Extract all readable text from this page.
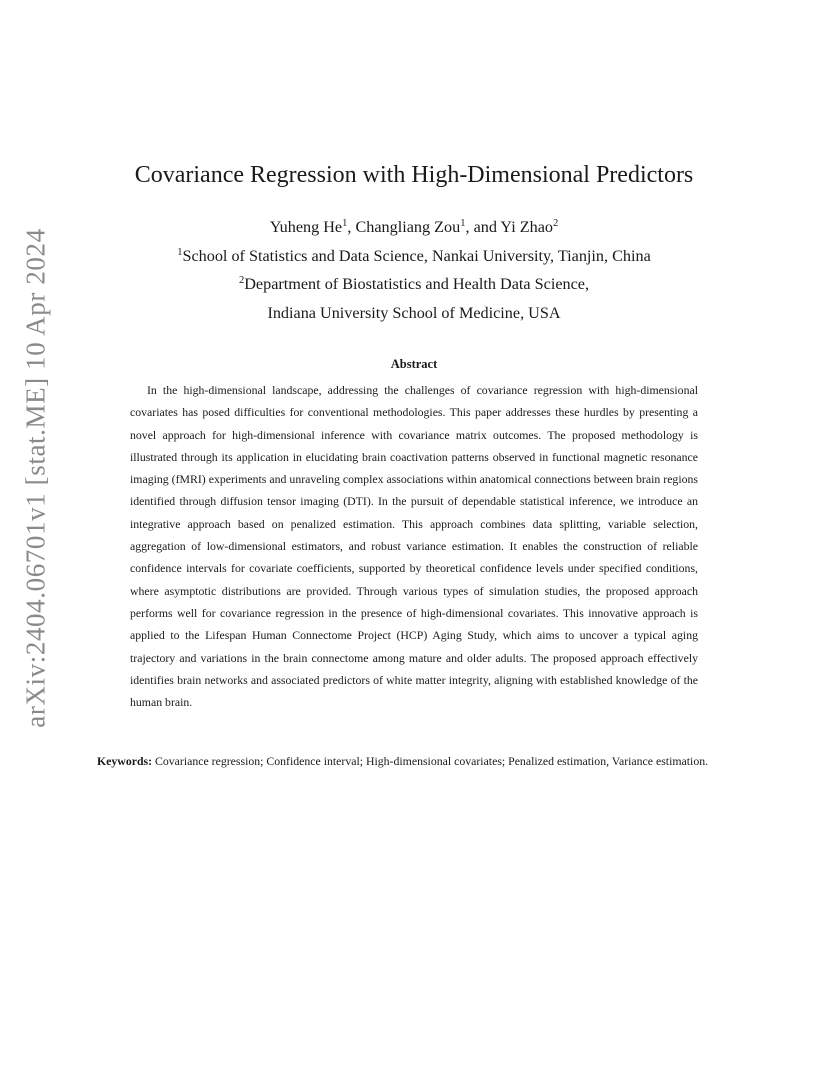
arXiv:2404.06701v1 [stat.ME] 10 Apr 2024
Covariance Regression with High-Dimensional Predictors
Yuheng He$^1$, Changliang Zou$^1$, and Yi Zhao$^2$
$^1$School of Statistics and Data Science, Nankai University, Tianjin, China
$^2$Department of Biostatistics and Health Data Science,
Indiana University School of Medicine, USA
Abstract

In the high-dimensional landscape, addressing the challenges of covariance regression with high-dimensional covariates has posed difficulties for conventional methodologies. This paper addresses these hurdles by presenting a novel approach for high-dimensional inference with covariance matrix outcomes. The proposed methodology is illustrated through its application in elucidating brain coactivation patterns observed in functional magnetic resonance imaging (fMRI) experiments and unraveling complex associations within anatomical connections between brain regions identified through diffusion tensor imaging (DTI). In the pursuit of dependable statistical inference, we introduce an integrative approach based on penalized estimation. This approach combines data splitting, variable selection, aggregation of low-dimensional estimators, and robust variance estimation. It enables the construction of reliable confidence intervals for covariate coefficients, supported by theoretical confidence levels under specified conditions, where asymptotic distributions are provided. Through various types of simulation studies, the proposed approach performs well for covariance regression in the presence of high-dimensional covariates. This innovative approach is applied to the Lifespan Human Connectome Project (HCP) Aging Study, which aims to uncover a typical aging trajectory and variations in the brain connectome among mature and older adults. The proposed approach effectively identifies brain networks and associated predictors of white matter integrity, aligning with established knowledge of the human brain.

Keywords: Covariance regression; Confidence interval; High-dimensional covariates; Penalized estimation, Variance estimation.
